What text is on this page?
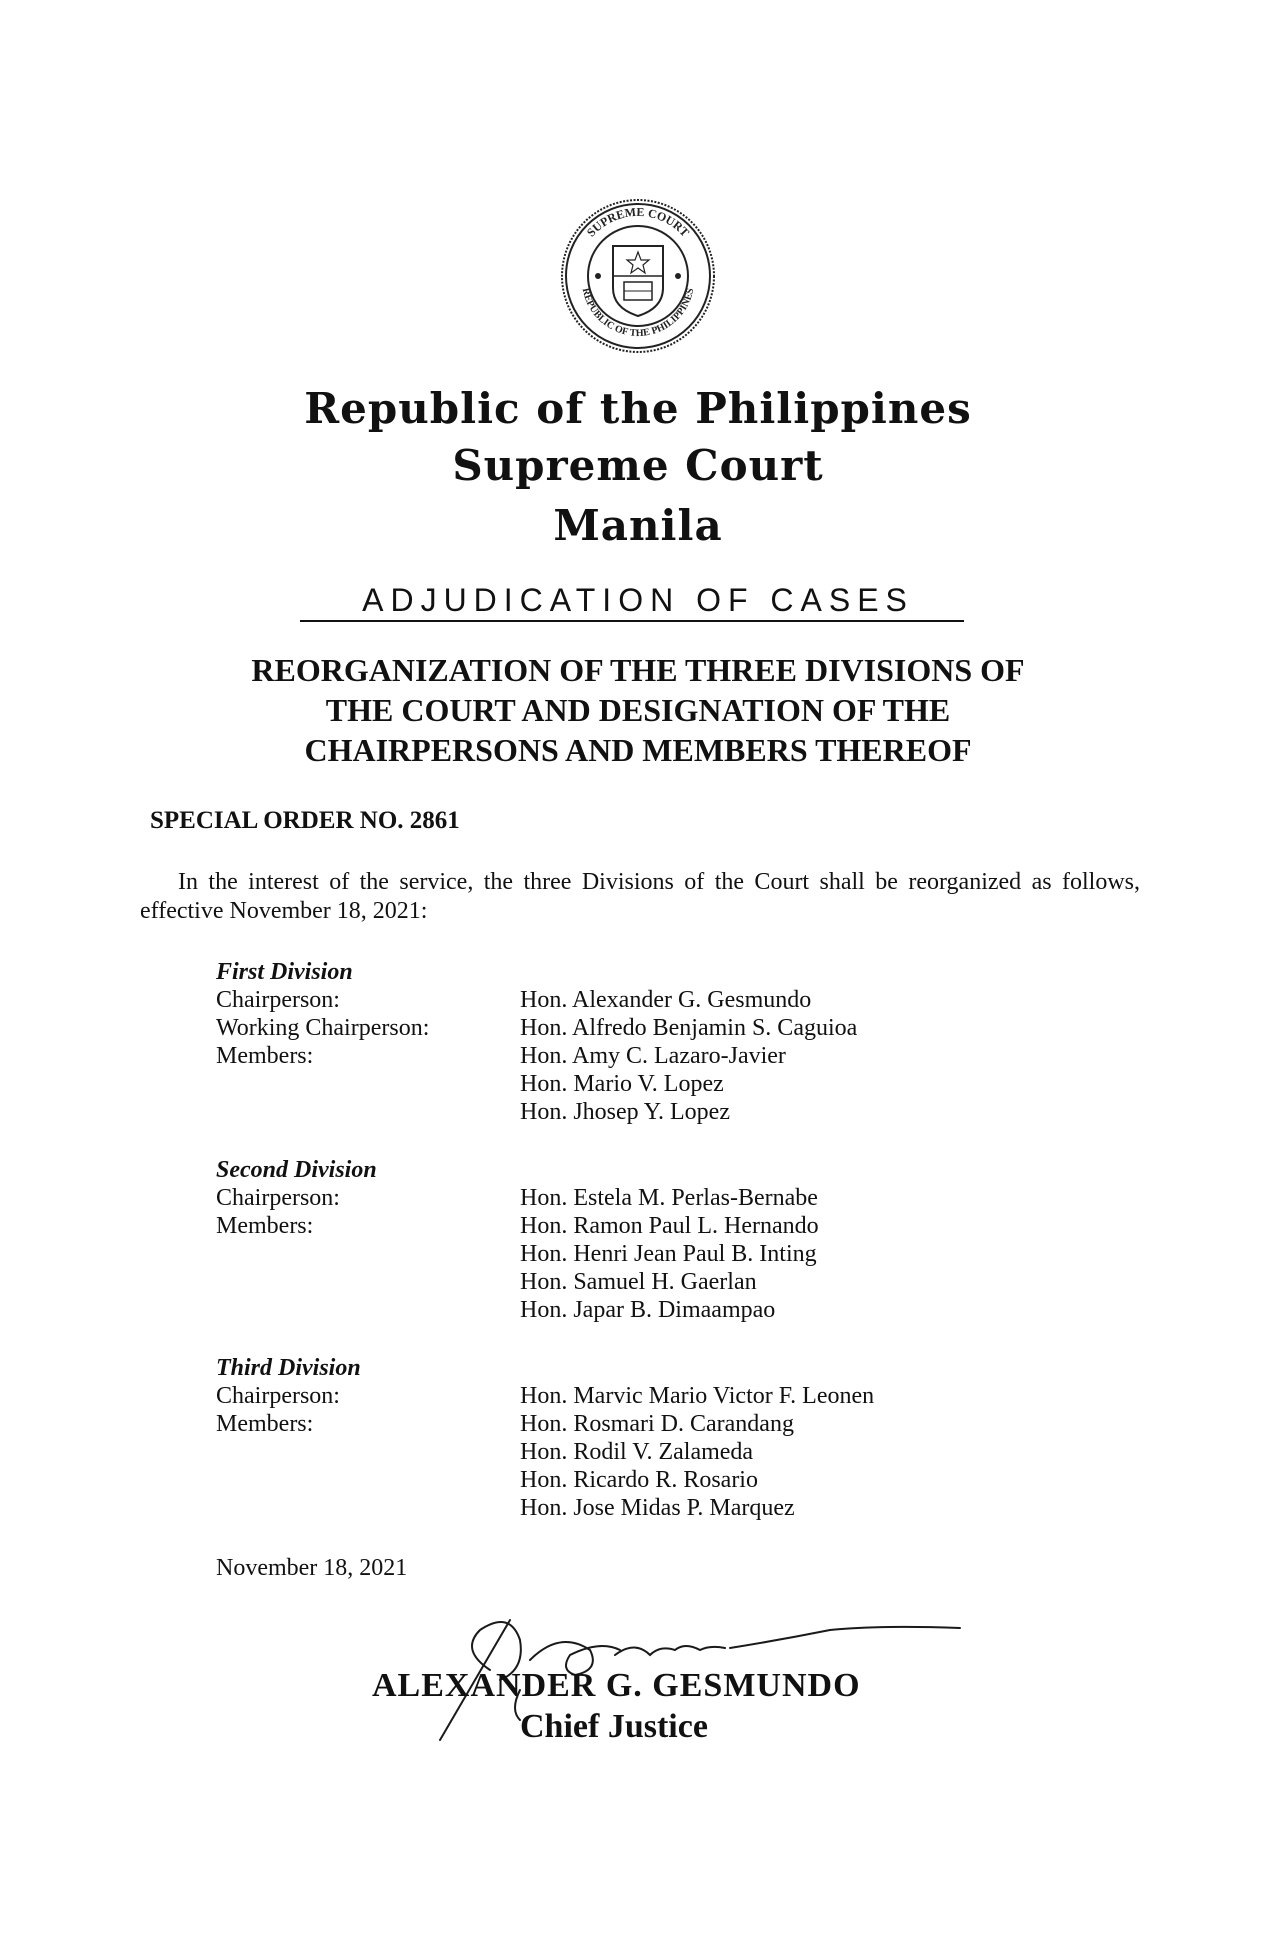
SUPREME COURT
REPUBLIC OF THE PHILIPPINES
Republic of the Philippines
Supreme Court
Manila
ADJUDICATION OF CASES
REORGANIZATION OF THE THREE DIVISIONS OF
THE COURT AND DESIGNATION OF THE
CHAIRPERSONS AND MEMBERS THEREOF
SPECIAL ORDER NO. 2861
In the interest of the service, the three Divisions of the Court shall be reorganized as follows, effective November 18, 2021:
First Division
Chairperson:	Hon. Alexander G. Gesmundo
Working Chairperson:	Hon. Alfredo Benjamin S. Caguioa
Members:	Hon. Amy C. Lazaro-Javier
Hon. Mario V. Lopez
Hon. Jhosep Y. Lopez
Second Division
Chairperson:	Hon. Estela M. Perlas-Bernabe
Members:	Hon. Ramon Paul L. Hernando
Hon. Henri Jean Paul B. Inting
Hon. Samuel H. Gaerlan
Hon. Japar B. Dimaampao
Third Division
Chairperson:	Hon. Marvic Mario Victor F. Leonen
Members:	Hon. Rosmari D. Carandang
Hon. Rodil V. Zalameda
Hon. Ricardo R. Rosario
Hon. Jose Midas P. Marquez
November 18, 2021
ALEXANDER G. GESMUNDO
Chief Justice
